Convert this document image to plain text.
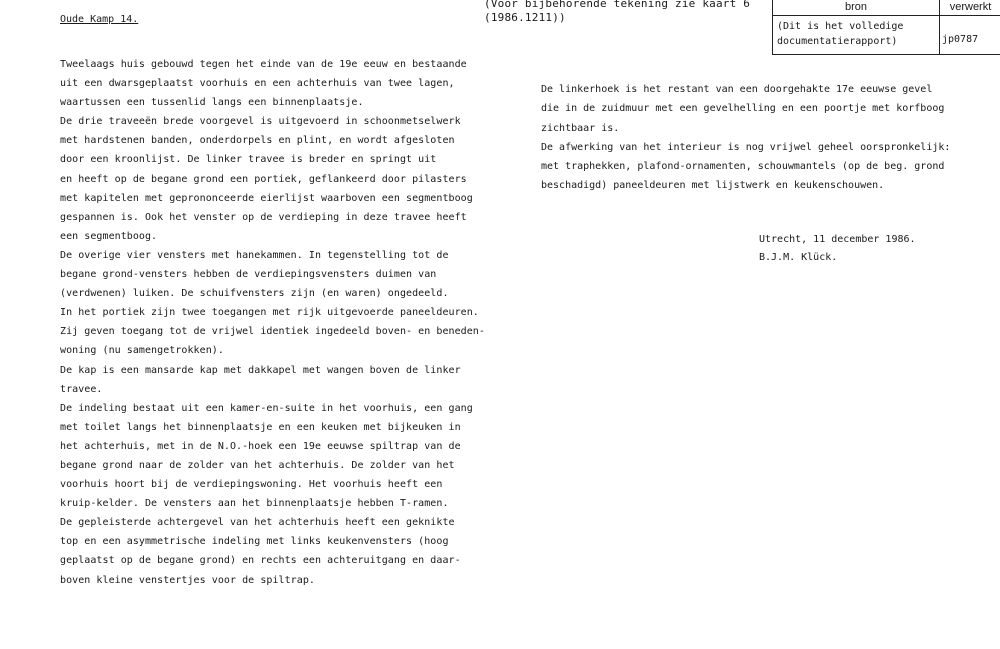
Oude Kamp 14.
(Voor bijbehorende tekening zie kaart 6
(1986.1211))
bron	verwerkt
(Dit is het volledige
documentatierapport)	jp0787
Tweelaags huis gebouwd tegen het einde van de 19e eeuw en bestaande
uit een dwarsgeplaatst voorhuis en een achterhuis van twee lagen,
waartussen een tussenlid langs een binnenplaatsje.
De drie traveeën brede voorgevel is uitgevoerd in schoonmetselwerk
met hardstenen banden, onderdorpels en plint, en wordt afgesloten
door een kroonlijst. De linker travee is breder en springt uit
en heeft op de begane grond een portiek, geflankeerd door pilasters
met kapitelen met geprononceerde eierlijst waarboven een segmentboog
gespannen is. Ook het venster op de verdieping in deze travee heeft
een segmentboog.
De overige vier vensters met hanekammen. In tegenstelling tot de
begane grond-vensters hebben de verdiepingsvensters duimen van
(verdwenen) luiken. De schuifvensters zijn (en waren) ongedeeld.
In het portiek zijn twee toegangen met rijk uitgevoerde paneeldeuren.
Zij geven toegang tot de vrijwel identiek ingedeeld boven- en beneden-
woning (nu samengetrokken).
De kap is een mansarde kap met dakkapel met wangen boven de linker
travee.
De indeling bestaat uit een kamer-en-suite in het voorhuis, een gang
met toilet langs het binnenplaatsje en een keuken met bijkeuken in
het achterhuis, met in de N.O.-hoek een 19e eeuwse spiltrap van de
begane grond naar de zolder van het achterhuis. De zolder van het
voorhuis hoort bij de verdiepingswoning. Het voorhuis heeft een
kruip-kelder. De vensters aan het binnenplaatsje hebben T-ramen.
De gepleisterde achtergevel van het achterhuis heeft een geknikte
top en een asymmetrische indeling met links keukenvensters (hoog
geplaatst op de begane grond) en rechts een achteruitgang en daar-
boven kleine venstertjes voor de spiltrap.
De linkerhoek is het restant van een doorgehakte 17e eeuwse gevel
die in de zuidmuur met een gevelhelling en een poortje met korfboog
zichtbaar is.
De afwerking van het interieur is nog vrijwel geheel oorspronkelijk:
met traphekken, plafond-ornamenten, schouwmantels (op de beg. grond
beschadigd) paneeldeuren met lijstwerk en keukenschouwen.
Utrecht, 11 december 1986.
B.J.M. Klück.
